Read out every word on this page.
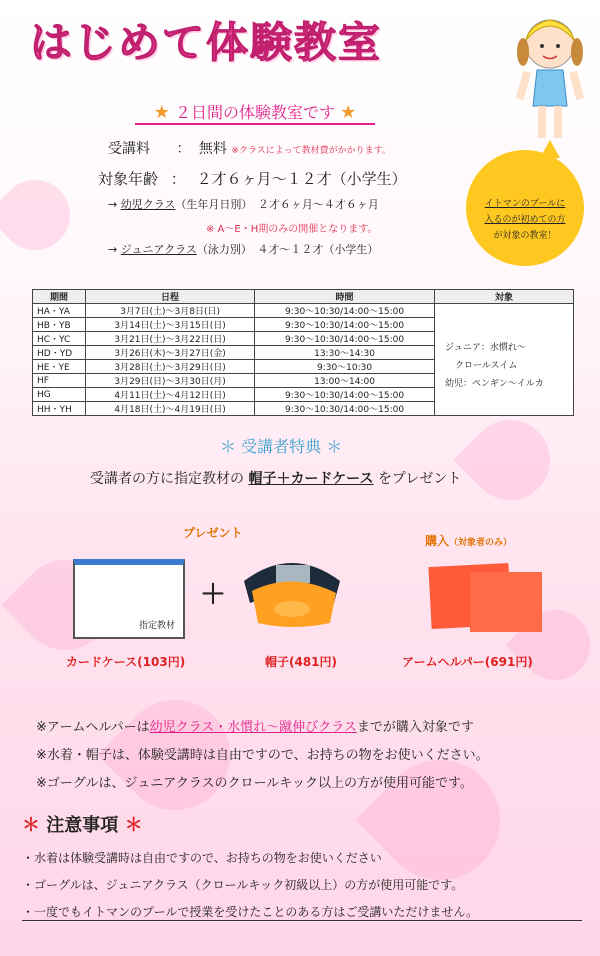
はじめて体験教室
★ ２日間の体験教室です ★
受講料 ： 無料 ※クラスによって教材費がかかります。
対象年齢 ： ２才６ヶ月〜１２才（小学生）
→ 幼児クラス（生年月日別）　２才６ヶ月〜４才６ヶ月
※ A〜E・H期のみの開催となります。
→ ジュニアクラス（泳力別）　４才〜１２才（小学生）
イトマンのプールに
入るのが初めての方
が対象の教室！
期間	日程	時間	対象
HA・YA	3月7日(土)〜3月8日(日)	9:30〜10:30/14:00〜15:00	
HB・YB	3月14日(土)〜3月15日(日)	9:30〜10:30/14:00〜15:00	ジュニア：水慣れ〜
クロールスイム
幼児：ペンギン〜イルカ

HC・YC	3月21日(土)〜3月22日(日)	9:30〜10:30/14:00〜15:00	
HD・YD	3月26日(木)〜3月27日(金)	13:30〜14:30	
HE・YE	3月28日(土)〜3月29日(日)	9:30〜10:30	
HF	3月29日(日)〜3月30日(月)	13:00〜14:00	
HG	4月11日(土)〜4月12日(日)	9:30〜10:30/14:00〜15:00	
HH・YH	4月18日(土)〜4月19日(日)	9:30〜10:30/14:00〜15:00	
＊ 受講者特典 ＊
受講者の方に指定教材の 帽子＋カードケース をプレゼント
プレゼント
購入（対象者のみ）
指定教材
＋
カードケース(103円)	帽子(481円)	アームヘルパー(691円)
※アームヘルパーは幼児クラス・水慣れ〜蹴伸びクラスまでが購入対象です
※水着・帽子は、体験受講時は自由ですので、お持ちの物をお使いください。
※ゴーグルは、ジュニアクラスのクロールキック以上の方が使用可能です。
＊ 注意事項 ＊
・水着は体験受講時は自由ですので、お持ちの物をお使いください
・ゴーグルは、ジュニアクラス（クロールキック初級以上）の方が使用可能です。
・一度でもイトマンのプールで授業を受けたことのある方はご受講いただけません。
